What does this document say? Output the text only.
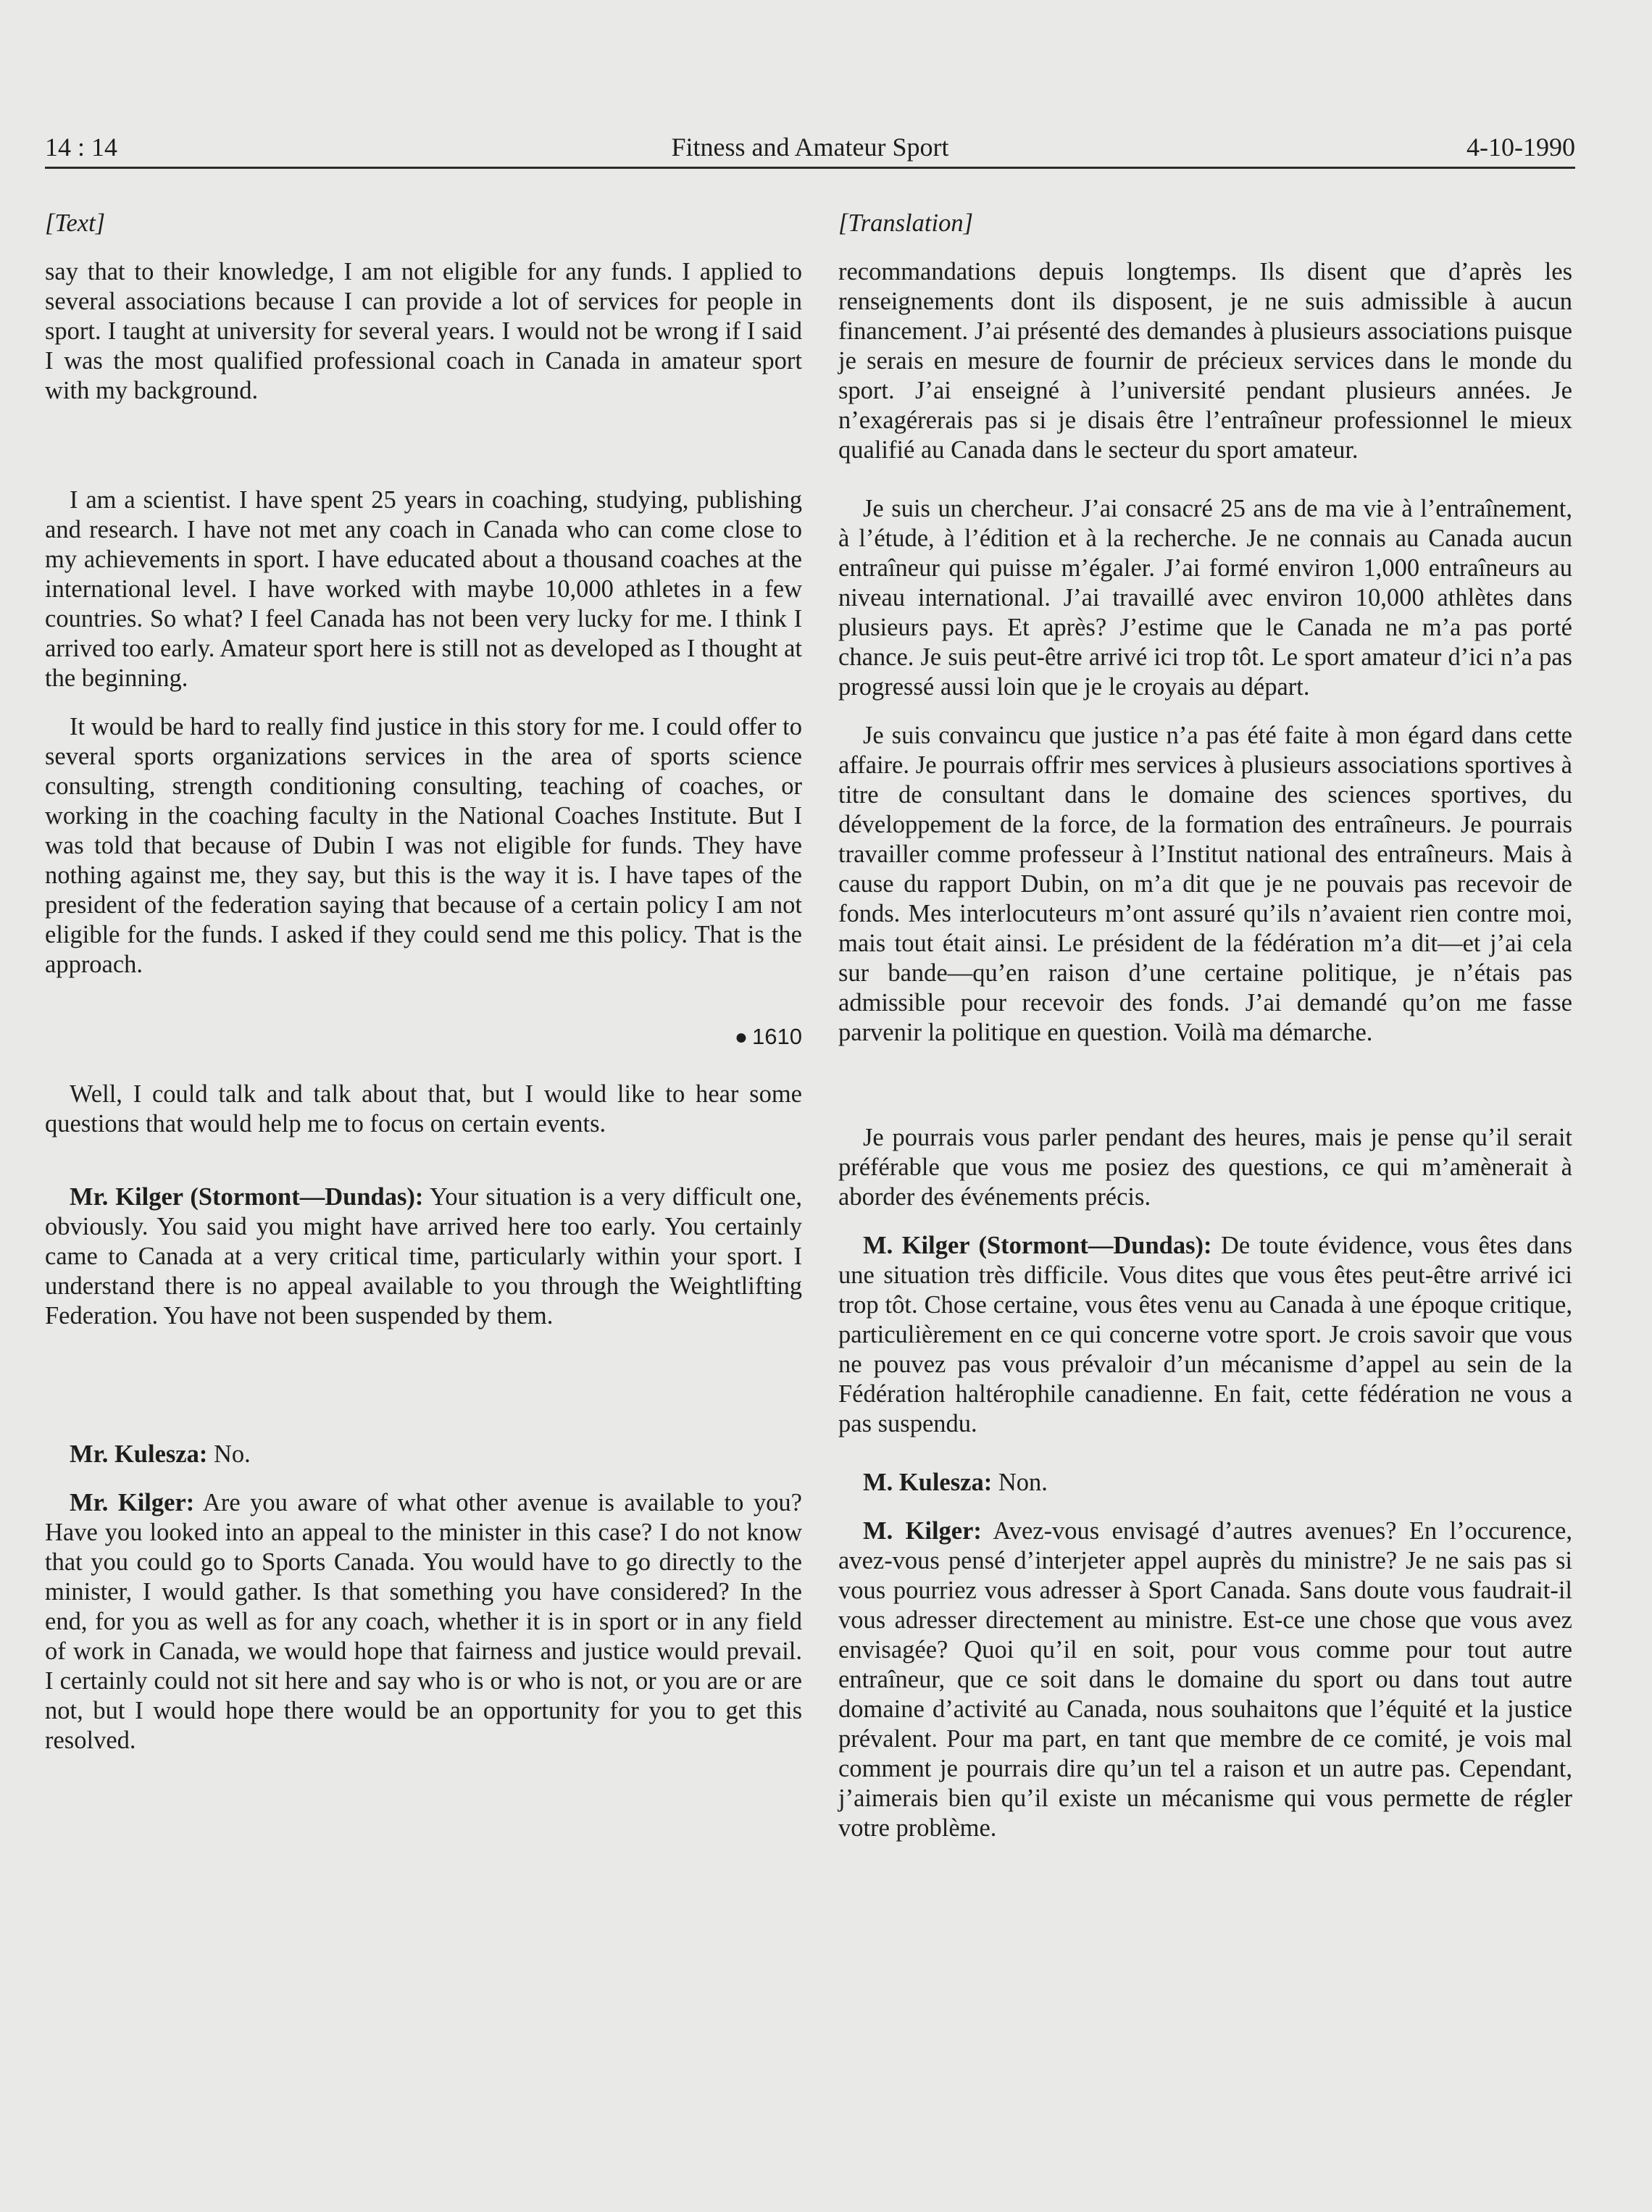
14 : 14	Fitness and Amateur Sport	4-10-1990
[Text]

say that to their knowledge, I am not eligible for any funds. I applied to several associations because I can provide a lot of services for people in sport. I taught at university for several years. I would not be wrong if I said I was the most qualified professional coach in Canada in amateur sport with my background.

I am a scientist. I have spent 25 years in coaching, studying, publishing and research. I have not met any coach in Canada who can come close to my achievements in sport. I have educated about a thousand coaches at the international level. I have worked with maybe 10,000 athletes in a few countries. So what? I feel Canada has not been very lucky for me. I think I arrived too early. Amateur sport here is still not as developed as I thought at the beginning.

It would be hard to really find justice in this story for me. I could offer to several sports organizations services in the area of sports science consulting, strength conditioning consulting, teaching of coaches, or working in the coaching faculty in the National Coaches Institute. But I was told that because of Dubin I was not eligible for funds. They have nothing against me, they say, but this is the way it is. I have tapes of the president of the federation saying that because of a certain policy I am not eligible for the funds. I asked if they could send me this policy. That is the approach.

● 1610

Well, I could talk and talk about that, but I would like to hear some questions that would help me to focus on certain events.

Mr. Kilger (Stormont—Dundas): Your situation is a very difficult one, obviously. You said you might have arrived here too early. You certainly came to Canada at a very critical time, particularly within your sport. I understand there is no appeal available to you through the Weightlifting Federation. You have not been suspended by them.

Mr. Kulesza: No.

Mr. Kilger: Are you aware of what other avenue is available to you? Have you looked into an appeal to the minister in this case? I do not know that you could go to Sports Canada. You would have to go directly to the minister, I would gather. Is that something you have considered? In the end, for you as well as for any coach, whether it is in sport or in any field of work in Canada, we would hope that fairness and justice would prevail. I certainly could not sit here and say who is or who is not, or you are or are not, but I would hope there would be an opportunity for you to get this resolved.

[Translation]

recommandations depuis longtemps. Ils disent que d’après les renseignements dont ils disposent, je ne suis admissible à aucun financement. J’ai présenté des demandes à plusieurs associations puisque je serais en mesure de fournir de précieux services dans le monde du sport. J’ai enseigné à l’université pendant plusieurs années. Je n’exagérerais pas si je disais être l’entraîneur professionnel le mieux qualifié au Canada dans le secteur du sport amateur.

Je suis un chercheur. J’ai consacré 25 ans de ma vie à l’entraînement, à l’étude, à l’édition et à la recherche. Je ne connais au Canada aucun entraîneur qui puisse m’égaler. J’ai formé environ 1,000 entraîneurs au niveau international. J’ai travaillé avec environ 10,000 athlètes dans plusieurs pays. Et après? J’estime que le Canada ne m’a pas porté chance. Je suis peut-être arrivé ici trop tôt. Le sport amateur d’ici n’a pas progressé aussi loin que je le croyais au départ.

Je suis convaincu que justice n’a pas été faite à mon égard dans cette affaire. Je pourrais offrir mes services à plusieurs associations sportives à titre de consultant dans le domaine des sciences sportives, du développement de la force, de la formation des entraîneurs. Je pourrais travailler comme professeur à l’Institut national des entraîneurs. Mais à cause du rapport Dubin, on m’a dit que je ne pouvais pas recevoir de fonds. Mes interlocuteurs m’ont assuré qu’ils n’avaient rien contre moi, mais tout était ainsi. Le président de la fédération m’a dit—et j’ai cela sur bande—qu’en raison d’une certaine politique, je n’étais pas admissible pour recevoir des fonds. J’ai demandé qu’on me fasse parvenir la politique en question. Voilà ma démarche.

Je pourrais vous parler pendant des heures, mais je pense qu’il serait préférable que vous me posiez des questions, ce qui m’amènerait à aborder des événements précis.

M. Kilger (Stormont—Dundas): De toute évidence, vous êtes dans une situation très difficile. Vous dites que vous êtes peut-être arrivé ici trop tôt. Chose certaine, vous êtes venu au Canada à une époque critique, particulièrement en ce qui concerne votre sport. Je crois savoir que vous ne pouvez pas vous prévaloir d’un mécanisme d’appel au sein de la Fédération haltérophile canadienne. En fait, cette fédération ne vous a pas suspendu.

M. Kulesza: Non.

M. Kilger: Avez-vous envisagé d’autres avenues? En l’occurence, avez-vous pensé d’interjeter appel auprès du ministre? Je ne sais pas si vous pourriez vous adresser à Sport Canada. Sans doute vous faudrait-il vous adresser directement au ministre. Est-ce une chose que vous avez envisagée? Quoi qu’il en soit, pour vous comme pour tout autre entraîneur, que ce soit dans le domaine du sport ou dans tout autre domaine d’activité au Canada, nous souhaitons que l’équité et la justice prévalent. Pour ma part, en tant que membre de ce comité, je vois mal comment je pourrais dire qu’un tel a raison et un autre pas. Cependant, j’aimerais bien qu’il existe un mécanisme qui vous permette de régler votre problème.
